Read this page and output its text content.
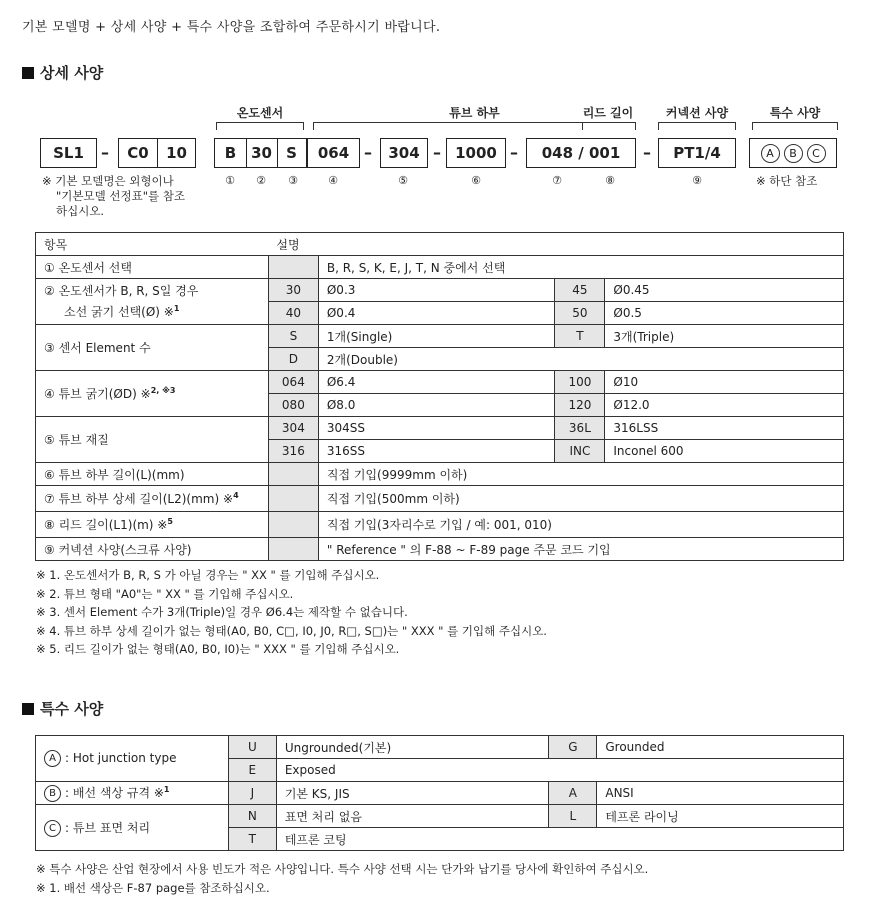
기본 모델명 + 상세 사양 + 특수 사양을 조합하여 주문하시기 바랍니다.
상세 사양
온도센서	튜브 하부	리드 길이	커넥션 사양	특수 사양
SL1	–	C0	10	B 30 S	064 –	304 – 1000 –	048 / 001	–	PT1/4	A	B	C
①	②	③	④	⑤	⑥	⑦	⑧	⑨
※ 기본 모델명은 외형이나
"기본모델 선정표"를 참조
하십시오.
※ 하단 참조
항목	설명			
① 온도센서 선택		B, R, S, K, E, J, T, N 중에서 선택		

② 온도센서가 B, R, S일 경우
소선 굵기 선택(Ø) ※$^1$	30	Ø0.3	45	Ø0.45
	40	Ø0.4	50	Ø0.5
③ 센서 Element 수	S	1개(Single)	T	3개(Triple)
	D	2개(Double)		
④ 튜브 굵기(ØD) ※$^{2, ※3}$	064	Ø6.4	100	Ø10
	080	Ø8.0	120	Ø12.0
⑤ 튜브 재질	304	304SS	36L	316LSS
	316	316SS	INC	Inconel 600
⑥ 튜브 하부 길이(L)(mm)		직접 기입(9999mm 이하)		
⑦ 튜브 하부 상세 길이(L2)(mm) ※$^4$		직접 기입(500mm 이하)		
⑧ 리드 길이(L1)(m) ※$^5$		직접 기입(3자리수로 기입 / 예: 001, 010)		
⑨ 커넥션 사양(스크류 사양)		" Reference " 의 F-88 ~ F-89 page 주문 코드 기입		
※ 1. 온도센서가 B, R, S 가 아닐 경우는 " XX " 를 기입해 주십시오.
※ 2. 튜브 형태 "A0"는 " XX " 를 기입해 주십시오.
※ 3. 센서 Element 수가 3개(Triple)일 경우 Ø6.4는 제작할 수 없습니다.
※ 4. 튜브 하부 상세 길이가 없는 형태(A0, B0, C□, I0, J0, R□, S□)는 " XXX " 를 기입해 주십시오.
※ 5. 리드 길이가 없는 형태(A0, B0, I0)는 " XXX " 를 기입해 주십시오.
특수 사양
A : Hot junction type	U	Ungrounded(기본)	G	Grounded
	E	Exposed		
B : 배선 색상 규격 ※$^1$	J	기본 KS, JIS	A	ANSI
C : 튜브 표면 처리	N	표면 처리 없음	L	테프론 라이닝
	T	테프론 코팅		
※ 특수 사양은 산업 현장에서 사용 빈도가 적은 사양입니다. 특수 사양 선택 시는 단가와 납기를 당사에 확인하여 주십시오.
※ 1. 배선 색상은 F-87 page를 참조하십시오.
